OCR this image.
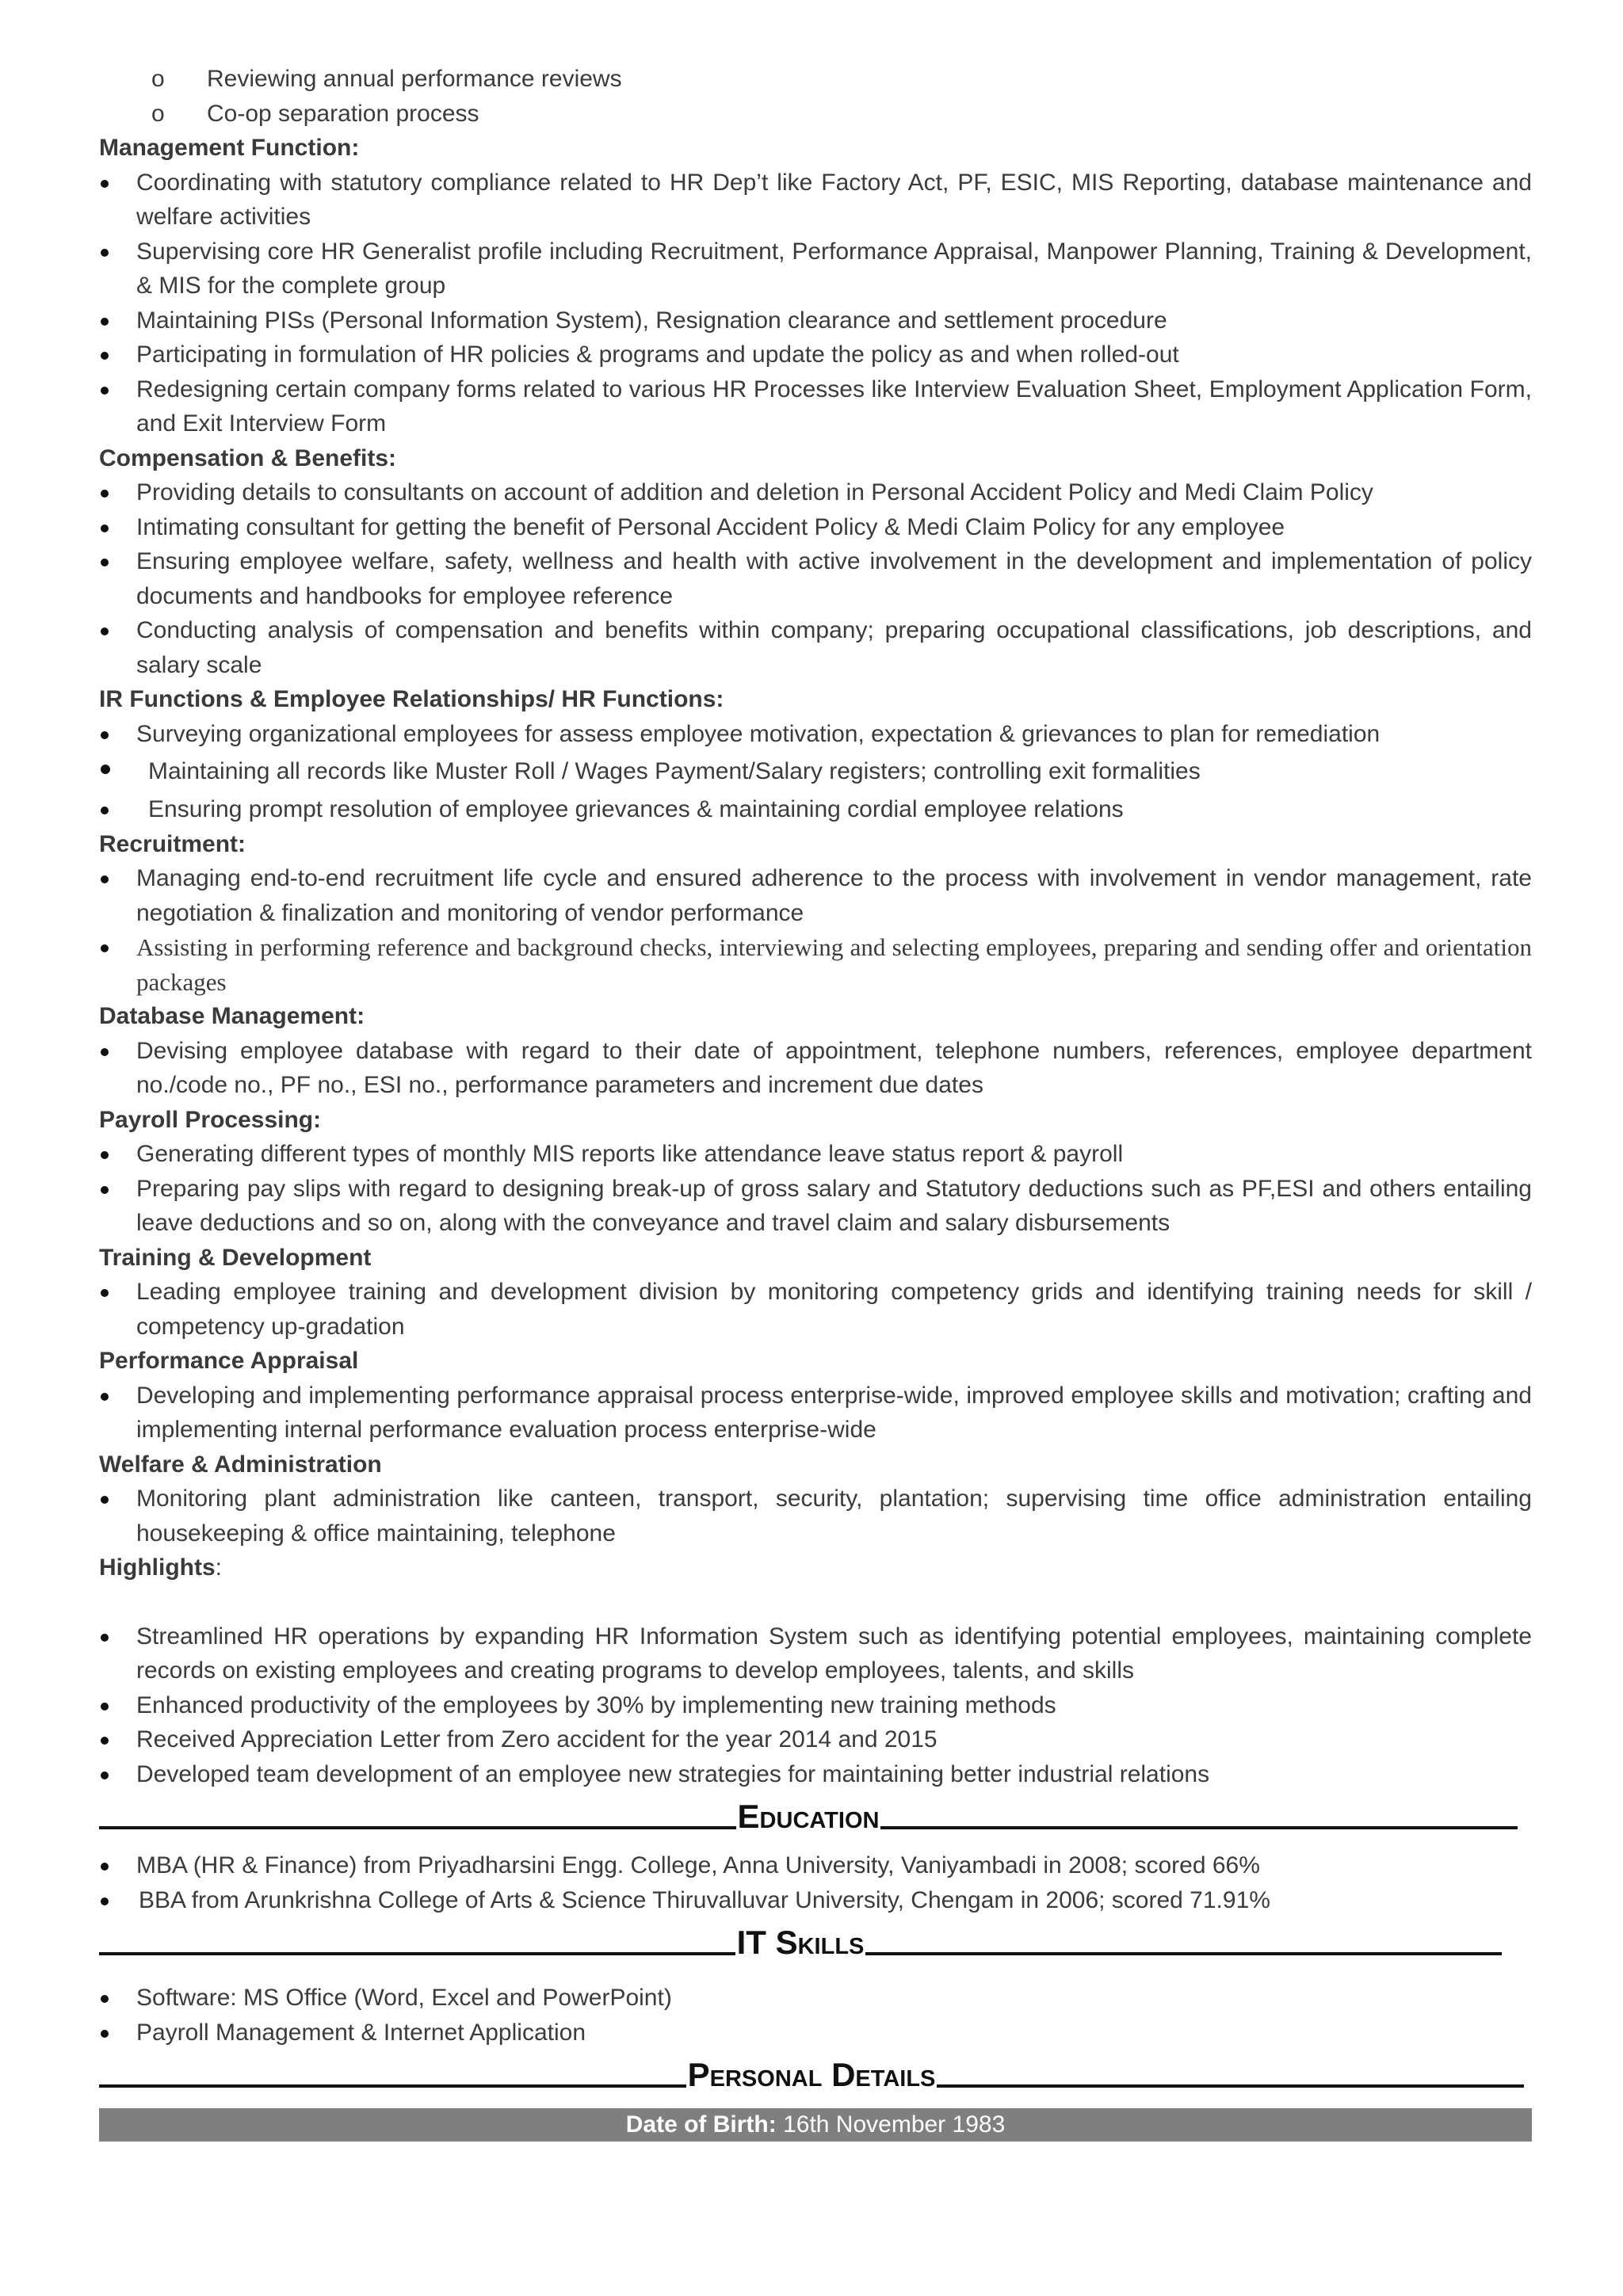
o	Reviewing annual performance reviews
o	Co-op separation process
Management Function:
Coordinating with statutory compliance related to HR Dep’t like Factory Act, PF, ESIC, MIS Reporting, database maintenance and welfare activities
Supervising core HR Generalist profile including Recruitment, Performance Appraisal, Manpower Planning, Training & Development, & MIS for the complete group
Maintaining PISs (Personal Information System), Resignation clearance and settlement procedure
Participating in formulation of HR policies & programs and update the policy as and when rolled-out
Redesigning certain company forms related to various HR Processes like Interview Evaluation Sheet, Employment Application Form, and Exit Interview Form
Compensation & Benefits:
Providing details to consultants on account of addition and deletion in Personal Accident Policy and Medi Claim Policy
Intimating consultant for getting the benefit of Personal Accident Policy & Medi Claim Policy for any employee
Ensuring employee welfare, safety, wellness and health with active involvement in the development and implementation of policy documents and handbooks for employee reference
Conducting analysis of compensation and benefits within company; preparing occupational classifications, job descriptions, and salary scale
IR Functions & Employee Relationships/ HR Functions:
Surveying organizational employees for assess employee motivation, expectation & grievances to plan for remediation
Maintaining all records like Muster Roll / Wages Payment/Salary registers; controlling exit formalities
Ensuring prompt resolution of employee grievances & maintaining cordial employee relations
Recruitment:
Managing end-to-end recruitment life cycle and ensured adherence to the process with involvement in vendor management, rate negotiation & finalization and monitoring of vendor performance
Assisting in performing reference and background checks, interviewing and selecting employees, preparing and sending offer and orientation packages
Database Management:
Devising employee database with regard to their date of appointment, telephone numbers, references, employee department no./code no., PF no., ESI no., performance parameters and increment due dates
Payroll Processing:
Generating different types of monthly MIS reports like attendance leave status report & payroll
Preparing pay slips with regard to designing break-up of gross salary and Statutory deductions such as PF,ESI and others entailing leave deductions and so on, along with the conveyance and travel claim and salary disbursements
Training & Development
Leading employee training and development division by monitoring competency grids and identifying training needs for skill / competency up-gradation
Performance Appraisal
Developing and implementing performance appraisal process enterprise-wide, improved employee skills and motivation; crafting and implementing internal performance evaluation process enterprise-wide
Welfare & Administration
Monitoring plant administration like canteen, transport, security, plantation; supervising time office administration entailing housekeeping & office maintaining, telephone
Highlights:
Streamlined HR operations by expanding HR Information System such as identifying potential employees, maintaining complete records on existing employees and creating programs to develop employees, talents, and skills
Enhanced productivity of the employees by 30% by implementing new training methods
Received Appreciation Letter from Zero accident for the year 2014 and 2015
Developed team development of an employee new strategies for maintaining better industrial relations
Education
MBA (HR & Finance) from Priyadharsini Engg. College, Anna University, Vaniyambadi in 2008; scored 66%
BBA from Arunkrishna College of Arts & Science Thiruvalluvar University, Chengam in 2006; scored 71.91%
IT Skills
Software: MS Office (Word, Excel and PowerPoint)
Payroll Management & Internet Application
Personal Details
Date of Birth: 16th November 1983
